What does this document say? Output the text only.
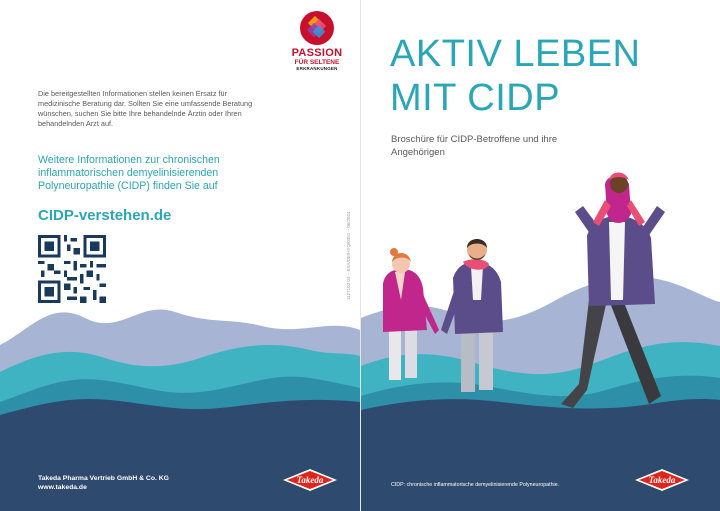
PASSION
FÜR SELTENE
ERKRANKUNGEN
Die bereitgestellten Informationen stellen keinen Ersatz für medizinische Beratung dar. Sollten Sie eine umfassende Beratung wünschen, suchen Sie bitte Ihre behandelnde Ärztin oder Ihren behandelnden Arzt auf.
Weitere Informationen zur chronischen inflammatorischen demyelinisierenden Polyneuropathie (CIDP) finden Sie auf
CIDP-verstehen.de	1127103 03 – EXA/DE/HYQ/0351 – 06/2024
Takeda Pharma Vertrieb GmbH & Co. KG
www.takeda.de
Takeda
AKTIV LEBEN
MIT CIDP
Broschüre für CIDP-Betroffene und ihre Angehörigen
CIDP: chronische inflammatorische demyelinisierende Polyneuropathie.	Takeda
